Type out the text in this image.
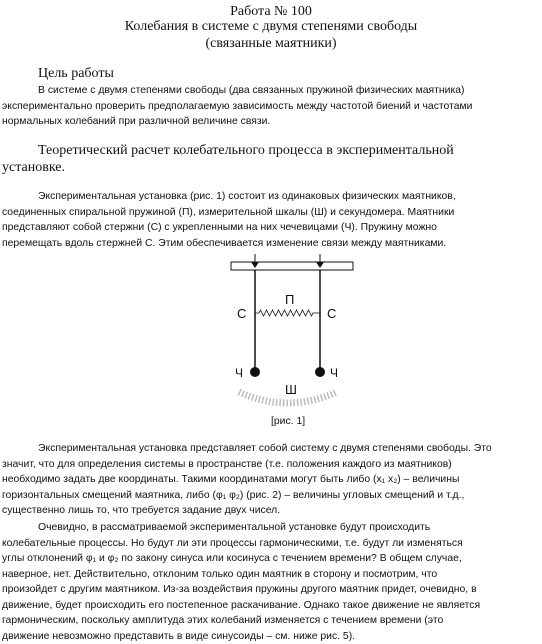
Работа № 100
Колебания в системе с двумя степенями свободы
(связанные маятники)
Цель работы
В системе с двумя степенями свободы (два связанных пружиной физических маятника)
экспериментально проверить предполагаемую зависимость между частотой биений и частотами
нормальных колебаний при различной величине связи.
Теоретический расчет колебательного процесса в экспериментальной
установке.
Экспериментальная установка (рис. 1) состоит из одинаковых физических маятников,
соединенных спиральной пружиной (П), измерительной шкалы (Ш) и секундомера. Маятники
представляют собой стержни (С) с укрепленными на них чечевицами (Ч). Пружину можно
перемещать вдоль стержней С. Этим обеспечивается изменение связи между маятниками.
П
С	С
Ч	Ч
Ш
[рис. 1]
Экспериментальная установка представляет собой систему с двумя степенями свободы. Это
значит, что для определения системы в пространстве (т.е. положения каждого из маятников)
необходимо задать две координаты. Такими координатами могут быть либо (x₁ x₂) – величины
горизонтальных смещений маятника, либо (φ₁ φ₂) (рис. 2) – величины угловых смещений и т.д.,
существенно лишь то, что требуется задание двух чисел.
Очевидно, в рассматриваемой экспериментальной установке будут происходить
колебательные процессы. Но будут ли эти процессы гармоническими, т.е. будут ли изменяться
углы отклонений φ₁ и φ₂ по закону синуса или косинуса с течением времени? В общем случае,
наверное, нет. Действительно, отклоним только один маятник в сторону и посмотрим, что
произойдет с другим маятником. Из-за воздействия пружины другого маятник придет, очевидно, в
движение, будет происходить его постепенное раскачивание. Однако такое движение не является
гармоническим, поскольку амплитуда этих колебаний изменяется с течением времени (это
движение невозможно представить в виде синусоиды – см. ниже рис. 5).
